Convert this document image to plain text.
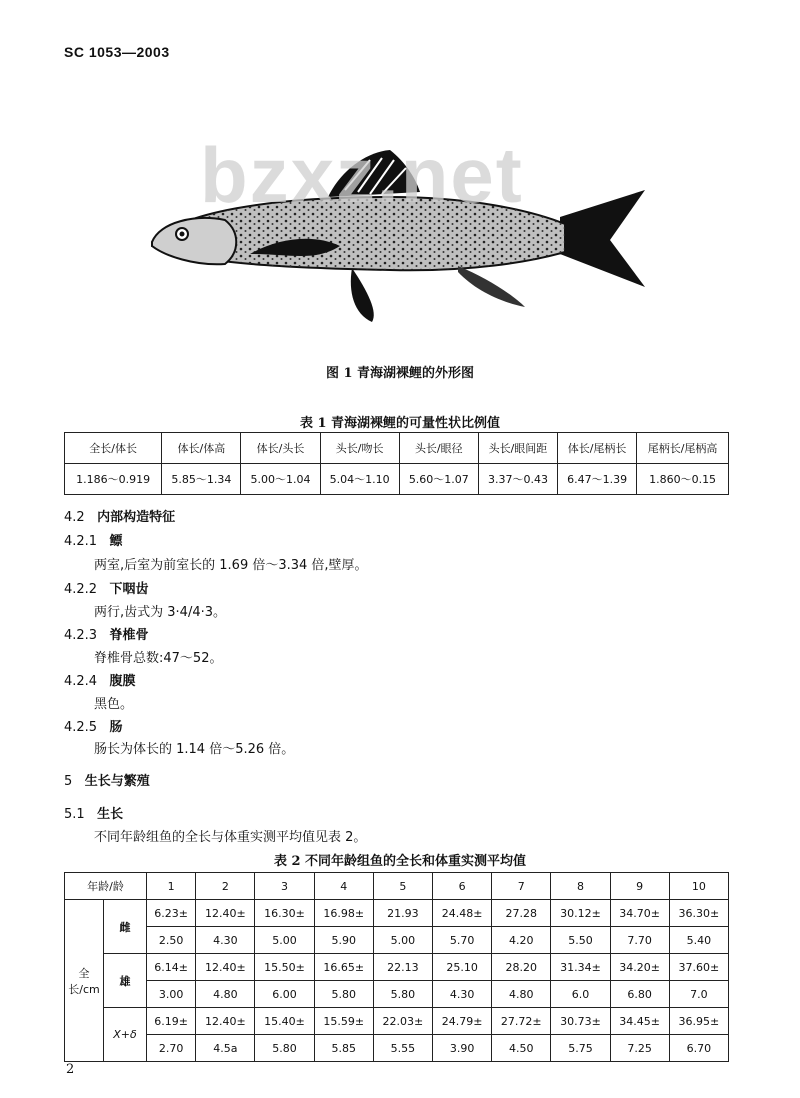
SC 1053—2003
bzxz.net
图 1 青海湖裸鲤的外形图
表 1 青海湖裸鲤的可量性状比例值
全长/体长	体长/体高	体长/头长	头长/吻长	头长/眼径	头长/眼间距	体长/尾柄长	尾柄长/尾柄高
1.186～0.919	5.85～1.34	5.00～1.04	5.04～1.10	5.60～1.07	3.37～0.43	6.47～1.39	1.860～0.15
4.2 内部构造特征
4.2.1 鳔
两室,后室为前室长的 1.69 倍～3.34 倍,壁厚。
4.2.2 下咽齿
两行,齿式为 3·4/4·3。
4.2.3 脊椎骨
脊椎骨总数:47～52。
4.2.4 腹膜
黑色。
4.2.5 肠
肠长为体长的 1.14 倍～5.26 倍。
5 生长与繁殖
5.1 生长
不同年龄组鱼的全长与体重实测平均值见表 2。
表 2 不同年龄组鱼的全长和体重实测平均值
年龄/龄		1	2	3	4	5	6	7	8	9	10
全长/cm	雌	6.23±	12.40±	16.30±	16.98±	21.93	24.48±	27.28	30.12±	34.70±	36.30±
		2.50	4.30	5.00	5.90	5.00	5.70	4.20	5.50	7.70	5.40
	雄	6.14±	12.40±	15.50±	16.65±	22.13	25.10	28.20	31.34±	34.20±	37.60±
		3.00	4.80	6.00	5.80	5.80	4.30	4.80	6.0	6.80	7.0
	X+δ	6.19±	12.40±	15.40±	15.59±	22.03±	24.79±	27.72±	30.73±	34.45±	36.95±
		2.70	4.5a	5.80	5.85	5.55	3.90	4.50	5.75	7.25	6.70
2
